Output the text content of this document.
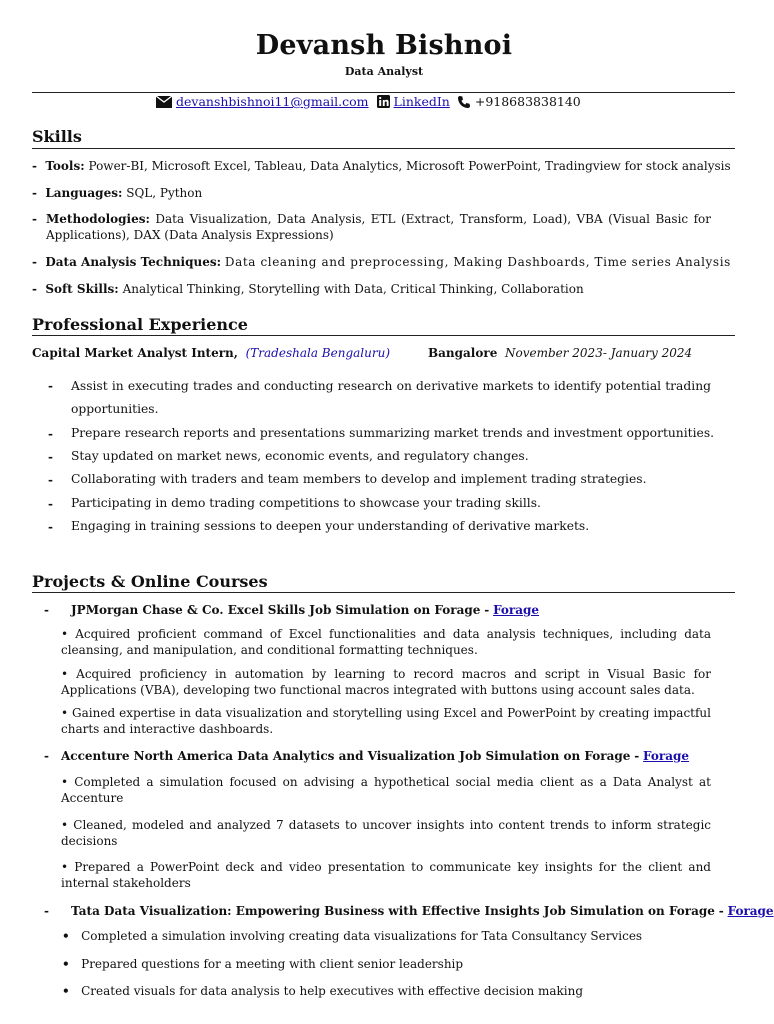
Devansh Bishnoi
Data Analyst
devanshbishnoi11@gmail.com LinkedIn +918683838140
Skills
-  Tools: Power-BI, Microsoft Excel, Tableau, Data Analytics, Microsoft PowerPoint, Tradingview for stock analysis
-  Languages: SQL, Python
- Methodologies: Data Visualization, Data Analysis, ETL (Extract, Transform, Load), VBA (Visual Basic for Applications), DAX (Data Analysis Expressions)
-  Data Analysis Techniques: Data cleaning and preprocessing, Making Dashboards, Time series Analysis
-  Soft Skills: Analytical Thinking, Storytelling with Data, Critical Thinking, Collaboration
Professional Experience
Capital Market Analyst Intern, (Tradeshala Bengaluru)	Bangalore November 2023- January 2024
- Assist in executing trades and conducting research on derivative markets to identify potential trading
opportunities.
- Prepare research reports and presentations summarizing market trends and investment opportunities.
- Stay updated on market news, economic events, and regulatory changes.
- Collaborating with traders and team members to develop and implement trading strategies.
- Participating in demo trading competitions to showcase your trading skills.
- Engaging in training sessions to deepen your understanding of derivative markets.
Projects & Online Courses
- JPMorgan Chase & Co. Excel Skills Job Simulation on Forage - Forage
• Acquired proficient command of Excel functionalities and data analysis techniques, including data cleansing, and manipulation, and conditional formatting techniques.
• Acquired proficiency in automation by learning to record macros and script in Visual Basic for Applications (VBA), developing two functional macros integrated with buttons using account sales data.
• Gained expertise in data visualization and storytelling using Excel and PowerPoint by creating impactful charts and interactive dashboards.
- Accenture North America Data Analytics and Visualization Job Simulation on Forage - Forage
• Completed a simulation focused on advising a hypothetical social media client as a Data Analyst at Accenture
• Cleaned, modeled and analyzed 7 datasets to uncover insights into content trends to inform strategic decisions
• Prepared a PowerPoint deck and video presentation to communicate key insights for the client and internal stakeholders
- Tata Data Visualization: Empowering Business with Effective Insights Job Simulation on Forage - Forage
• Completed a simulation involving creating data visualizations for Tata Consultancy Services
• Prepared questions for a meeting with client senior leadership
• Created visuals for data analysis to help executives with effective decision making
